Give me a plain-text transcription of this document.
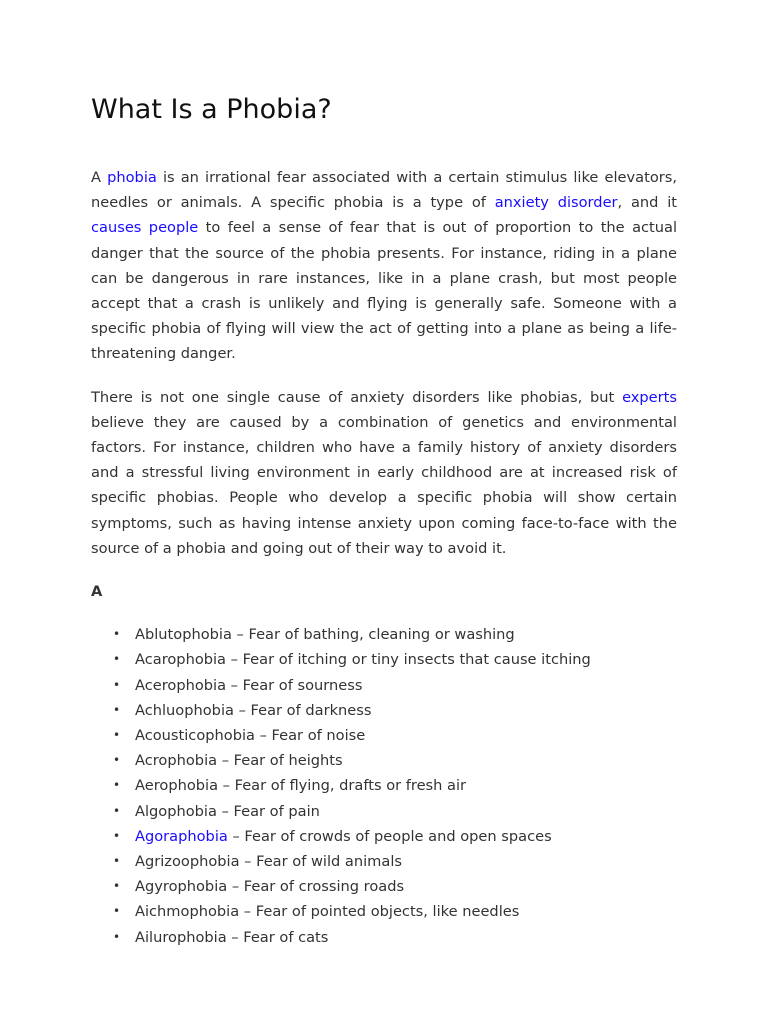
What Is a Phobia?

A phobia is an irrational fear associated with a certain stimulus like elevators, needles or animals. A specific phobia is a type of anxiety disorder, and it causes people to feel a sense of fear that is out of proportion to the actual danger that the source of the phobia presents. For instance, riding in a plane can be dangerous in rare instances, like in a plane crash, but most people accept that a crash is unlikely and flying is generally safe. Someone with a specific phobia of flying will view the act of getting into a plane as being a life-threatening danger.

There is not one single cause of anxiety disorders like phobias, but experts believe they are caused by a combination of genetics and environmental factors. For instance, children who have a family history of anxiety disorders and a stressful living environment in early childhood are at increased risk of specific phobias. People who develop a specific phobia will show certain symptoms, such as having intense anxiety upon coming face-to-face with the source of a phobia and going out of their way to avoid it.

A
• Ablutophobia – Fear of bathing, cleaning or washing
• Acarophobia – Fear of itching or tiny insects that cause itching
• Acerophobia – Fear of sourness
• Achluophobia – Fear of darkness
• Acousticophobia – Fear of noise
• Acrophobia – Fear of heights
• Aerophobia – Fear of flying, drafts or fresh air
• Algophobia – Fear of pain
• Agoraphobia – Fear of crowds of people and open spaces
• Agrizoophobia – Fear of wild animals
• Agyrophobia – Fear of crossing roads
• Aichmophobia – Fear of pointed objects, like needles
• Ailurophobia – Fear of cats
